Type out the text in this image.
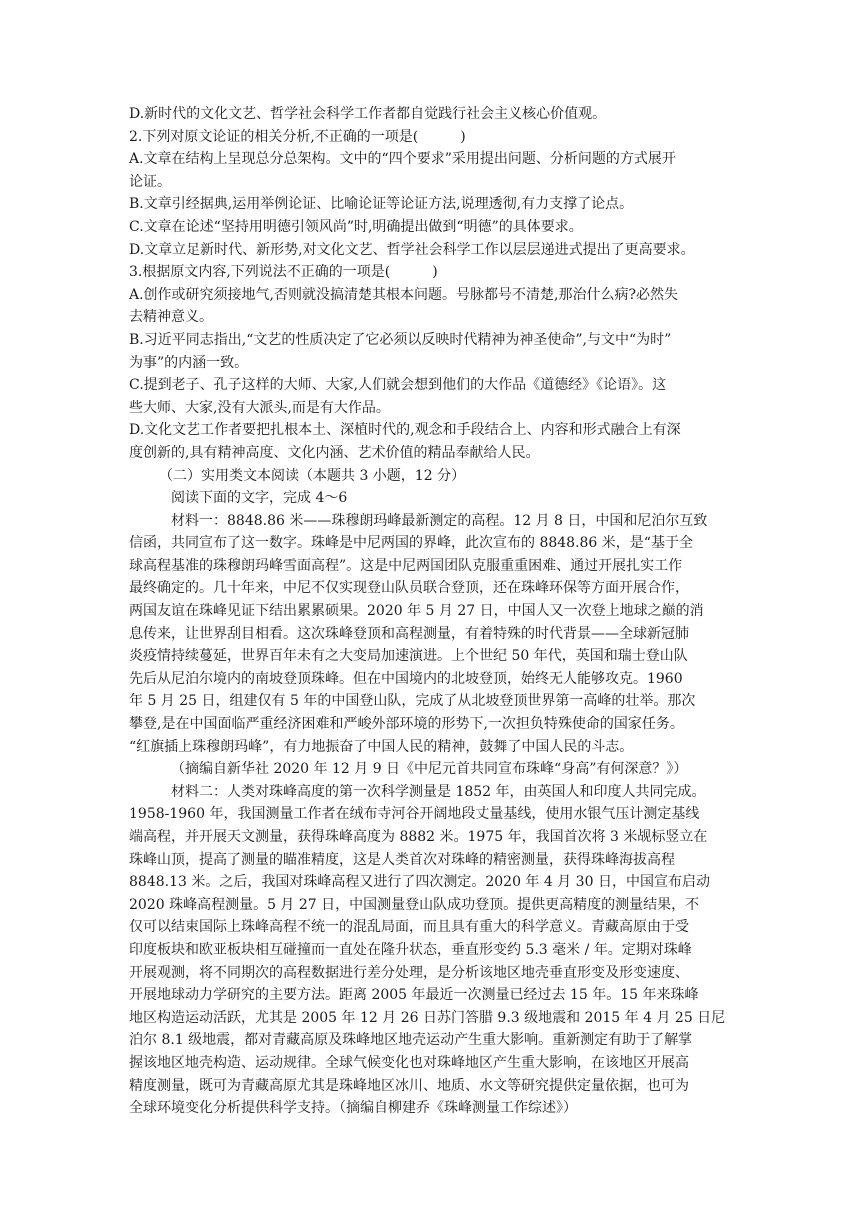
D.新时代的文化文艺、哲学社会科学工作者都自觉践行社会主义核心价值观。
2.下列对原文论证的相关分析,不正确的一项是(　　　)
A.文章在结构上呈现总分总架构。文中的“四个要求”采用提出问题、分析问题的方式展开
论证。
B.文章引经据典,运用举例论证、比喻论证等论证方法,说理透彻,有力支撑了论点。
C.文章在论述“坚持用明德引领风尚”时,明确提出做到“明德”的具体要求。
D.文章立足新时代、新形势,对文化文艺、哲学社会科学工作以层层递进式提出了更高要求。
3.根据原文内容,下列说法不正确的一项是(　　　)
A.创作或研究须接地气,否则就没搞清楚其根本问题。号脉都号不清楚,那治什么病?必然失
去精神意义。
B.习近平同志指出,“文艺的性质决定了它必须以反映时代精神为神圣使命”,与文中“为时”
为事”的内涵一致。
C.提到老子、孔子这样的大师、大家,人们就会想到他们的大作品《道德经》《论语》。这
些大师、大家,没有大派头,而是有大作品。
D.文化文艺工作者要把扎根本土、深植时代的,观念和手段结合上、内容和形式融合上有深
度创新的,具有精神高度、文化内涵、艺术价值的精品奉献给人民。
（二）实用类文本阅读（本题共 3 小题，12 分）
阅读下面的文字，完成 4～6
材料一：8848.86 米——珠穆朗玛峰最新测定的高程。12 月 8 日，中国和尼泊尔互致
信函，共同宣布了这一数字。珠峰是中尼两国的界峰，此次宣布的 8848.86 米，是“基于全
球高程基准的珠穆朗玛峰雪面高程”。这是中尼两国团队克服重重困难、通过开展扎实工作
最终确定的。几十年来，中尼不仅实现登山队员联合登顶，还在珠峰环保等方面开展合作，
两国友谊在珠峰见证下结出累累硕果。2020 年 5 月 27 日，中国人又一次登上地球之巅的消
息传来，让世界刮目相看。这次珠峰登顶和高程测量，有着特殊的时代背景——全球新冠肺
炎疫情持续蔓延，世界百年未有之大变局加速演进。上个世纪 50 年代，英国和瑞士登山队
先后从尼泊尔境内的南坡登顶珠峰。但在中国境内的北坡登顶，始终无人能够攻克。1960
年 5 月 25 日，组建仅有 5 年的中国登山队，完成了从北坡登顶世界第一高峰的壮举。那次
攀登,是在中国面临严重经济困难和严峻外部环境的形势下,一次担负特殊使命的国家任务。
“红旗插上珠穆朗玛峰”，有力地振奋了中国人民的精神，鼓舞了中国人民的斗志。
（摘编自新华社 2020 年 12 月 9 日《中尼元首共同宣布珠峰“身高”有何深意？》）
材料二：人类对珠峰高度的第一次科学测量是 1852 年，由英国人和印度人共同完成。
1958-1960 年，我国测量工作者在绒布寺河谷开阔地段丈量基线，使用水银气压计测定基线
端高程，并开展天文测量，获得珠峰高度为 8882 米。1975 年，我国首次将 3 米觇标竖立在
珠峰山顶，提高了测量的瞄准精度，这是人类首次对珠峰的精密测量，获得珠峰海拔高程
8848.13 米。之后，我国对珠峰高程又进行了四次测定。2020 年 4 月 30 日，中国宣布启动
2020 珠峰高程测量。5 月 27 日，中国测量登山队成功登顶。提供更高精度的测量结果，不
仅可以结束国际上珠峰高程不统一的混乱局面，而且具有重大的科学意义。青藏高原由于受
印度板块和欧亚板块相互碰撞而一直处在隆升状态，垂直形变约 5.3 毫米 / 年。定期对珠峰
开展观测，将不同期次的高程数据进行差分处理，是分析该地区地壳垂直形变及形变速度、
开展地球动力学研究的主要方法。距离 2005 年最近一次测量已经过去 15 年。15 年来珠峰
地区构造运动活跃，尤其是 2005 年 12 月 26 日苏门答腊 9.3 级地震和 2015 年 4 月 25 日尼
泊尔 8.1 级地震，都对青藏高原及珠峰地区地壳运动产生重大影响。重新测定有助于了解掌
握该地区地壳构造、运动规律。全球气候变化也对珠峰地区产生重大影响，在该地区开展高
精度测量，既可为青藏高原尤其是珠峰地区冰川、地质、水文等研究提供定量依据，也可为
全球环境变化分析提供科学支持。（摘编自柳建乔《珠峰测量工作综述》）
